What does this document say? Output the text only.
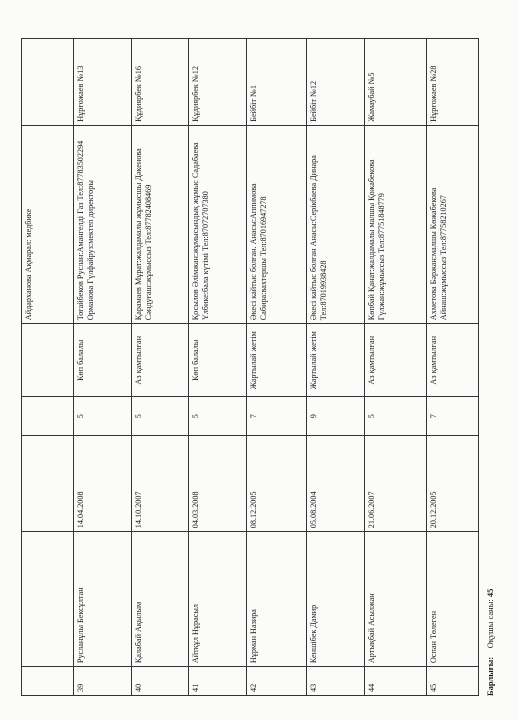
					Айдарханова Ақмарал: медбике	
39	Русланұлы Бексұлтан	14.04.2008	5	Көп балалы	Тоғайбеков Руслан:Амангелді Газ Тел:87783502294 Орманова Гүлфайруз:мектеп директоры	Нұрғожаев №13
40	Қалабай Ақылым	14.10.2007	5	Аз қамтылған	Қарамаев Мұрат:жалдамалы жұмысшы Дәкенова Сәндуғаш:жұмыссыз Тел:87782408469	Құдиярбек №16
41	Айтқұл Нұрасыл	04.03.2008	5	Көп балалы	Қосылов Әлімжан:жұмысындық жұмыс Садабаева Үлбике:бала күтімі Тел:87072707380	Құдиярбек №12
42	Нұрман Назира	08.12.2005	7	Жартылай жетім	Әкесі кайтыс болған. Анасы:Аппимова Сабира:вахтершы Тел:87016947278	Бейбіт №1
43	Кеншібек Дамир	05.08.2004	9	Жартылай жетім	Әкесі кайтыс болған Анасы:Серікбаева Динара Тел:87019938428	Бейбіт №12
44	Артықбай Асылжан	21.06.2007	5	Аз қамтылған	Көпбай Қанат:жалдамалы малшы Қожабекова Гүлжан:жұмыссыз Тел:87751848779	Жамаубай №5
45	Оспан Төлеген	20.12.2005	7	Аз қамтылған	Ахметова Бәржан:малшы Көжабекова Айнаш:жұмыссыз Тел:87758210267	Нұрғожаев №28
Барлығы:    Оқушы саны: 45
